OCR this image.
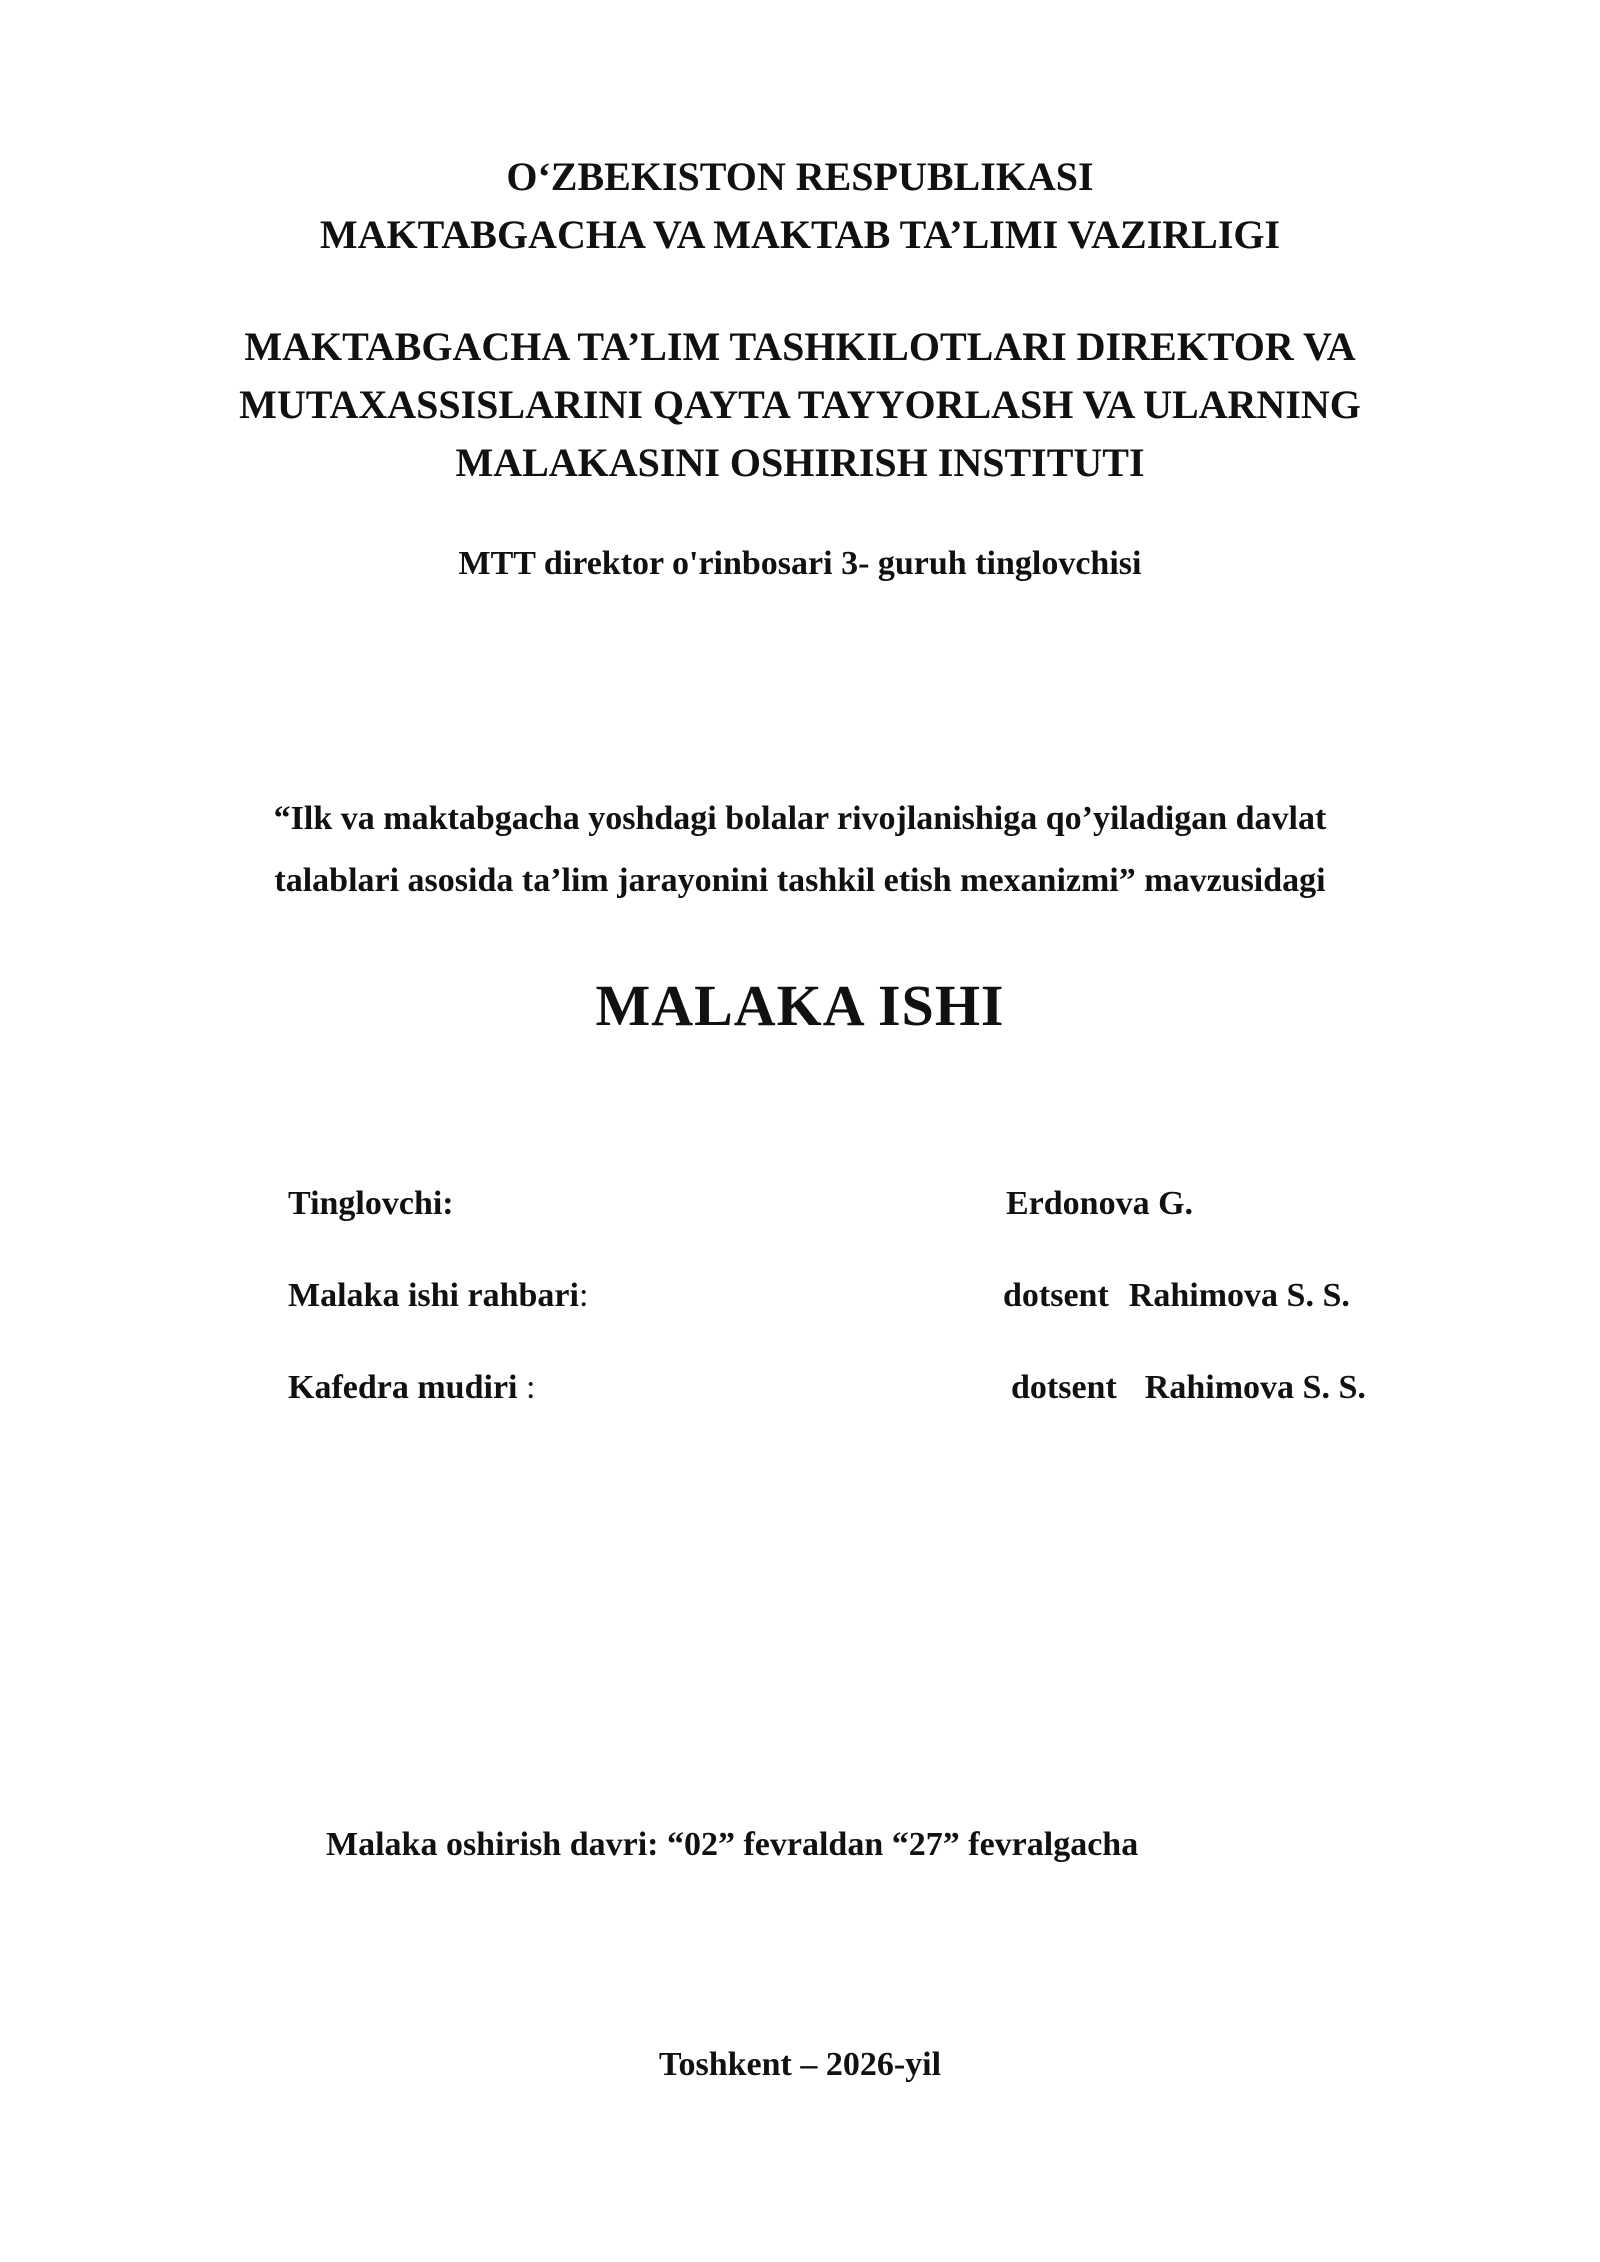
O‘ZBEKISTON RESPUBLIKASI
MAKTABGACHA VA MAKTAB TA’LIMI VAZIRLIGI
MAKTABGACHA TA’LIM TASHKILOTLARI DIREKTOR VA
MUTAXASSISLARINI QAYTA TAYYORLASH VA ULARNING
MALAKASINI OSHIRISH INSTITUTI
MTT direktor o'rinbosari 3- guruh tinglovchisi
“Ilk va maktabgacha yoshdagi bolalar rivojlanishiga qo’yiladigan davlat
talablari asosida ta’lim jarayonini tashkil etish mexanizmi” mavzusidagi
MALAKA ISHI
Tinglovchi:	Erdonova G.
Malaka ishi rahbari:	dotsent Rahimova S. S.
Kafedra mudiri :	dotsent Rahimova S. S.
Malaka oshirish davri: “02” fevraldan “27” fevralgacha
Toshkent – 2026-yil
